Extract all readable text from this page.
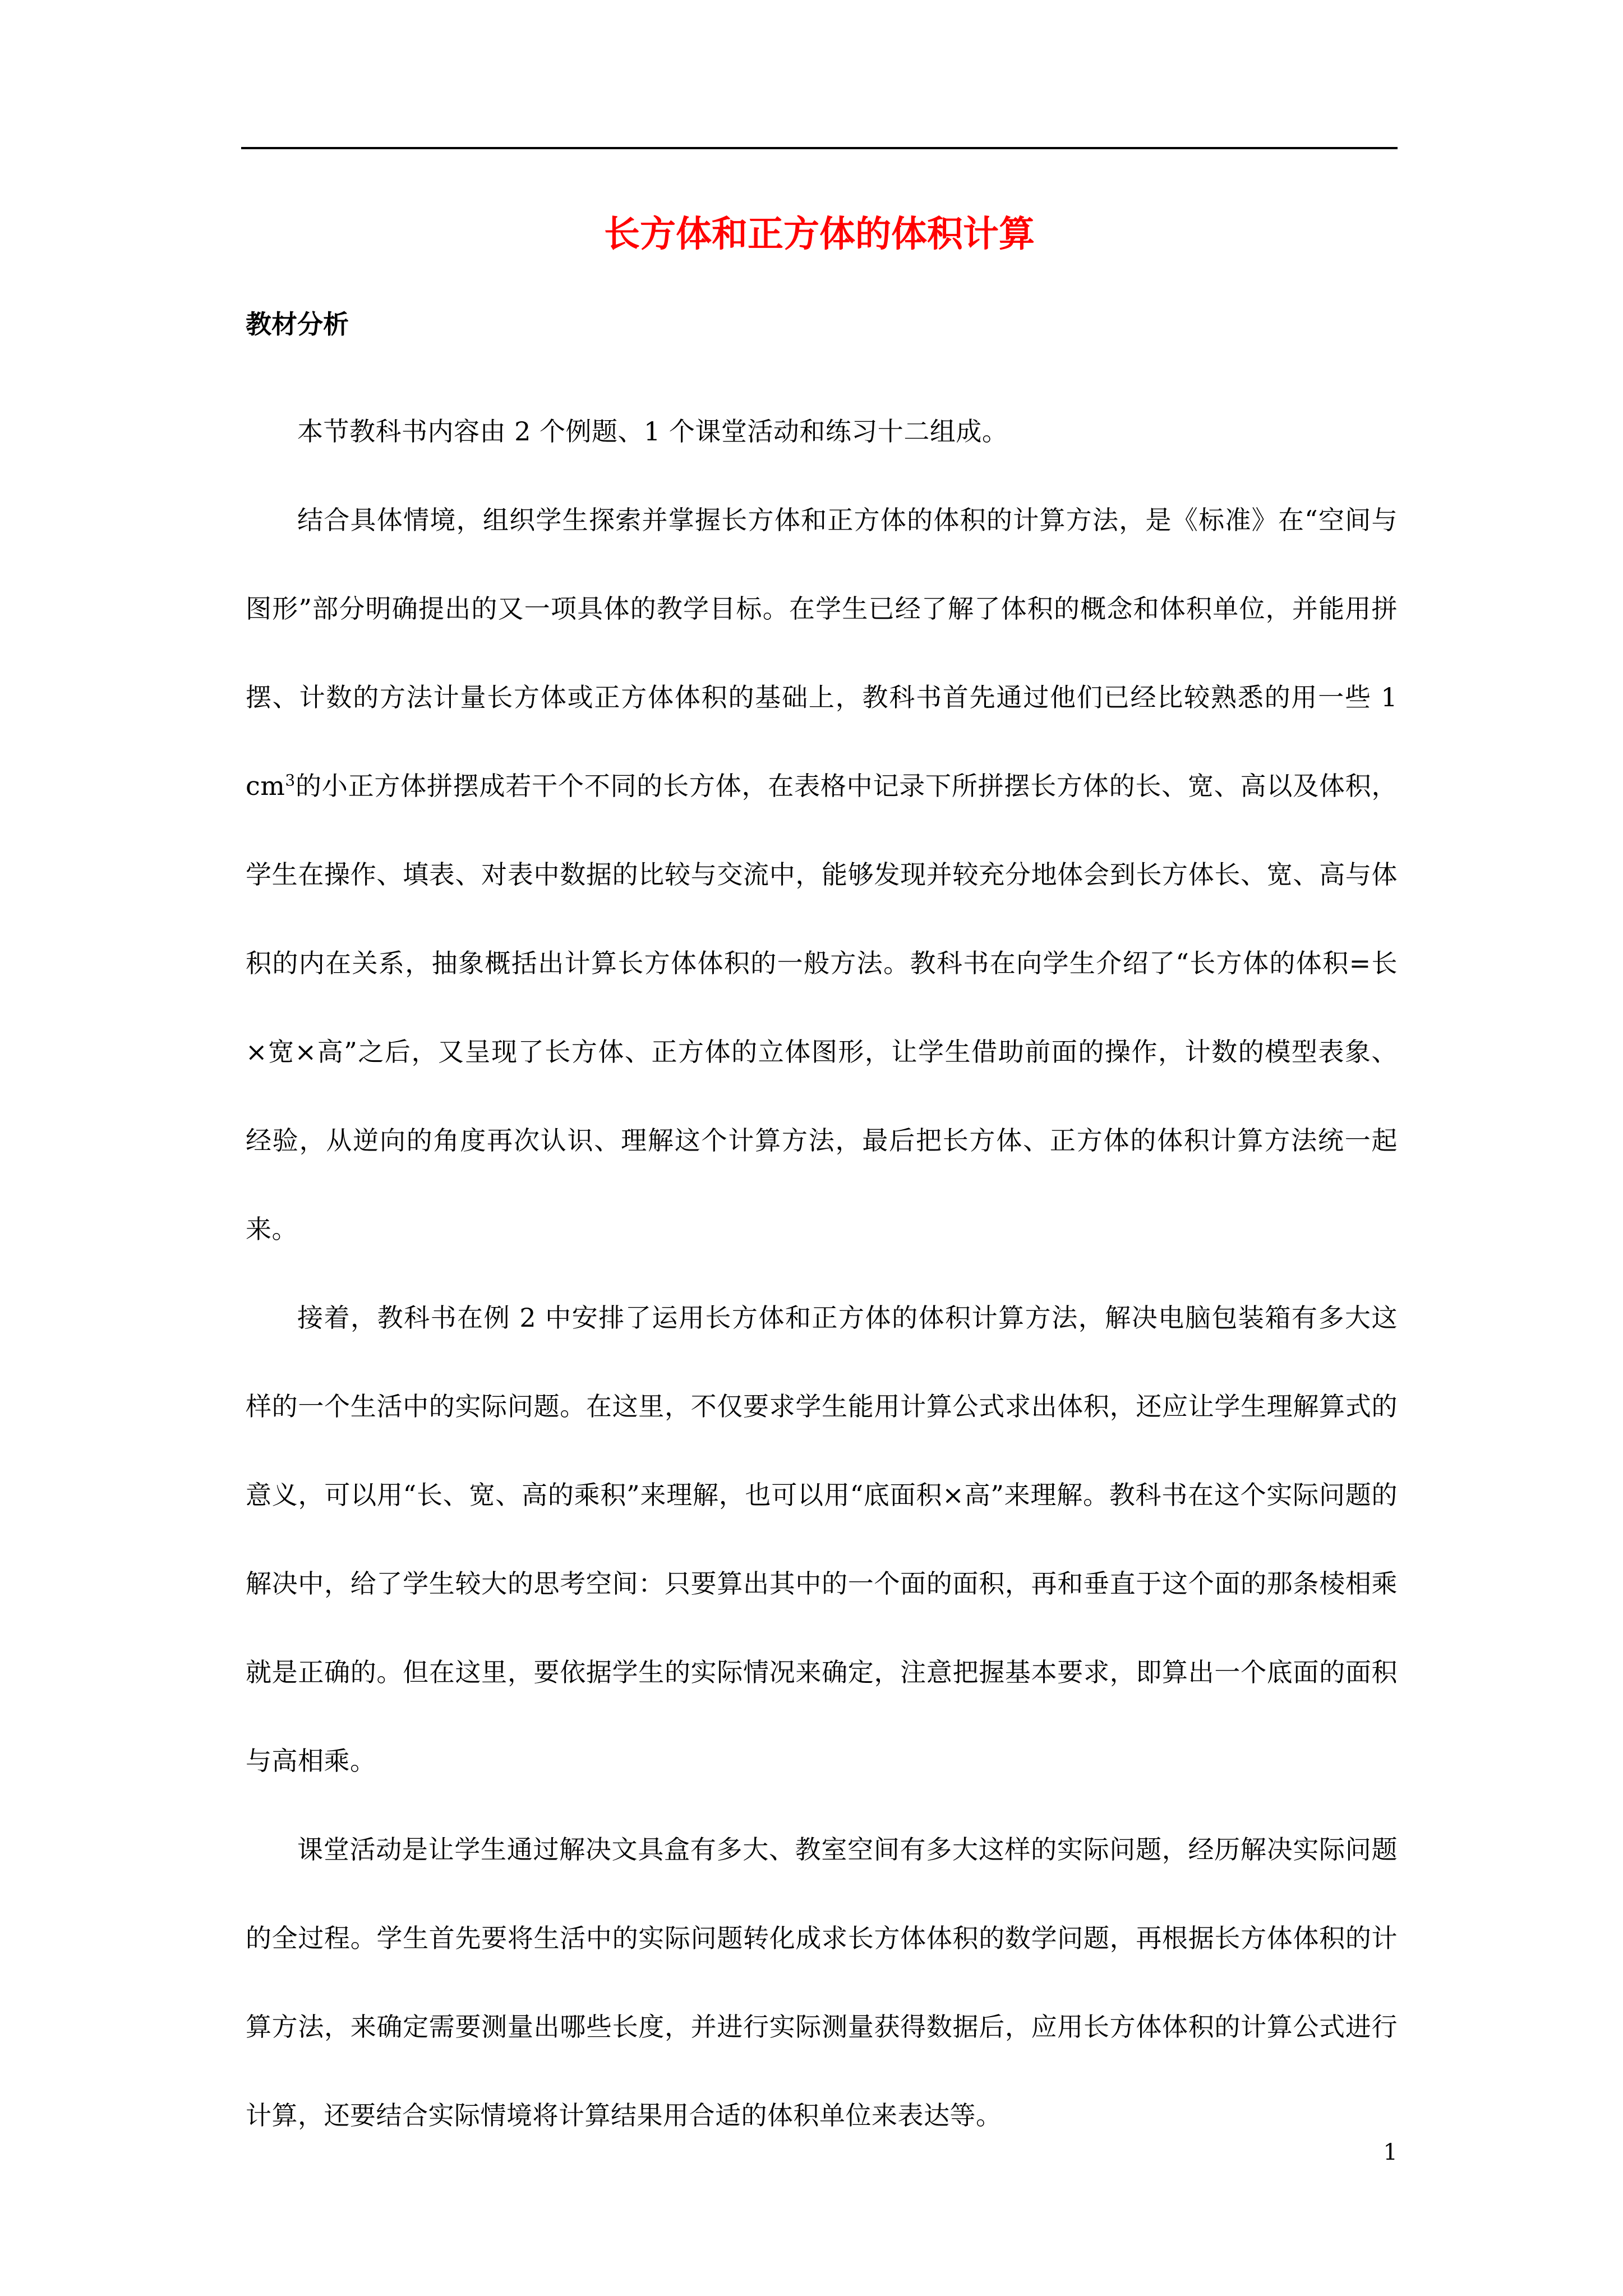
长方体和正方体的体积计算
教材分析

本节教科书内容由 2 个例题、1 个课堂活动和练习十二组成。

结合具体情境，组织学生探索并掌握长方体和正方体的体积的计算方法，是《标准》在“空间与图形”部分明确提出的又一项具体的教学目标。在学生已经了解了体积的概念和体积单位，并能用拼摆、计数的方法计量长方体或正方体体积的基础上，教科书首先通过他们已经比较熟悉的用一些 1 $cm^3$的小正方体拼摆成若干个不同的长方体，在表格中记录下所拼摆长方体的长、宽、高以及体积，学生在操作、填表、对表中数据的比较与交流中，能够发现并较充分地体会到长方体长、宽、高与体积的内在关系，抽象概括出计算长方体体积的一般方法。教科书在向学生介绍了“长方体的体积=长×宽×高”之后，又呈现了长方体、正方体的立体图形，让学生借助前面的操作，计数的模型表象、经验，从逆向的角度再次认识、理解这个计算方法，最后把长方体、正方体的体积计算方法统一起来。

接着，教科书在例 2 中安排了运用长方体和正方体的体积计算方法，解决电脑包装箱有多大这样的一个生活中的实际问题。在这里，不仅要求学生能用计算公式求出体积，还应让学生理解算式的意义，可以用“长、宽、高的乘积”来理解，也可以用“底面积×高”来理解。教科书在这个实际问题的解决中，给了学生较大的思考空间：只要算出其中的一个面的面积，再和垂直于这个面的那条棱相乘就是正确的。但在这里，要依据学生的实际情况来确定，注意把握基本要求，即算出一个底面的面积与高相乘。

课堂活动是让学生通过解决文具盒有多大、教室空间有多大这样的实际问题，经历解决实际问题的全过程。学生首先要将生活中的实际问题转化成求长方体体积的数学问题，再根据长方体体积的计算方法，来确定需要测量出哪些长度，并进行实际测量获得数据后，应用长方体体积的计算公式进行计算，还要结合实际情境将计算结果用合适的体积单位来表达等。

1
